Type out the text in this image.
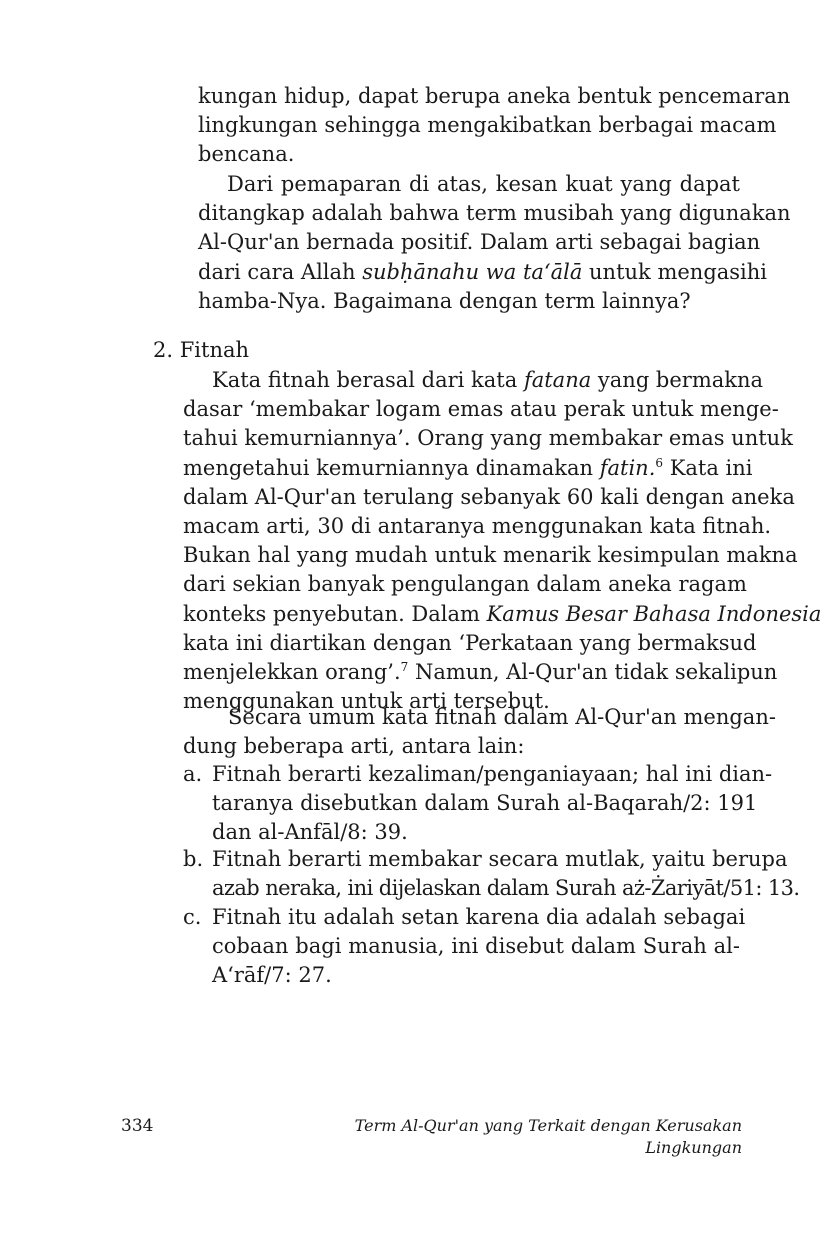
kungan hidup, dapat berupa aneka bentuk pencemaran
lingkungan sehingga mengakibatkan berbagai macam
bencana.
Dari pemaparan di atas, kesan kuat yang dapat
ditangkap adalah bahwa term musibah yang digunakan
Al-Qur'an bernada positif. Dalam arti sebagai bagian
dari cara Allah subḥānahu wa ta‘ālā untuk mengasihi
hamba-Nya. Bagaimana dengan term lainnya?
2. Fitnah
Kata fitnah berasal dari kata fatana yang bermakna
dasar ‘membakar logam emas atau perak untuk menge-
tahui kemurniannya’. Orang yang membakar emas untuk
mengetahui kemurniannya dinamakan fatin.$^6$ Kata ini
dalam Al-Qur'an terulang sebanyak 60 kali dengan aneka
macam arti, 30 di antaranya menggunakan kata fitnah.
Bukan hal yang mudah untuk menarik kesimpulan makna
dari sekian banyak pengulangan dalam aneka ragam
konteks penyebutan. Dalam Kamus Besar Bahasa Indonesia
kata ini diartikan dengan ‘Perkataan yang bermaksud
menjelekkan orang’.$^7$ Namun, Al-Qur'an tidak sekalipun
menggunakan untuk arti tersebut.
Secara umum kata fitnah dalam Al-Qur'an mengan-
dung beberapa arti, antara lain:
a. Fitnah berarti kezaliman/penganiayaan; hal ini dian-
taranya disebutkan dalam Surah al-Baqarah/2: 191
dan al-Anfāl/8: 39.
b. Fitnah berarti membakar secara mutlak, yaitu berupa
azab neraka, ini dijelaskan dalam Surah aż-Żariyāt/51: 13.
c. Fitnah itu adalah setan karena dia adalah sebagai
cobaan bagi manusia, ini disebut dalam Surah al-
A‘rāf/7: 27.
334	Term Al-Qur'an yang Terkait dengan Kerusakan Lingkungan
